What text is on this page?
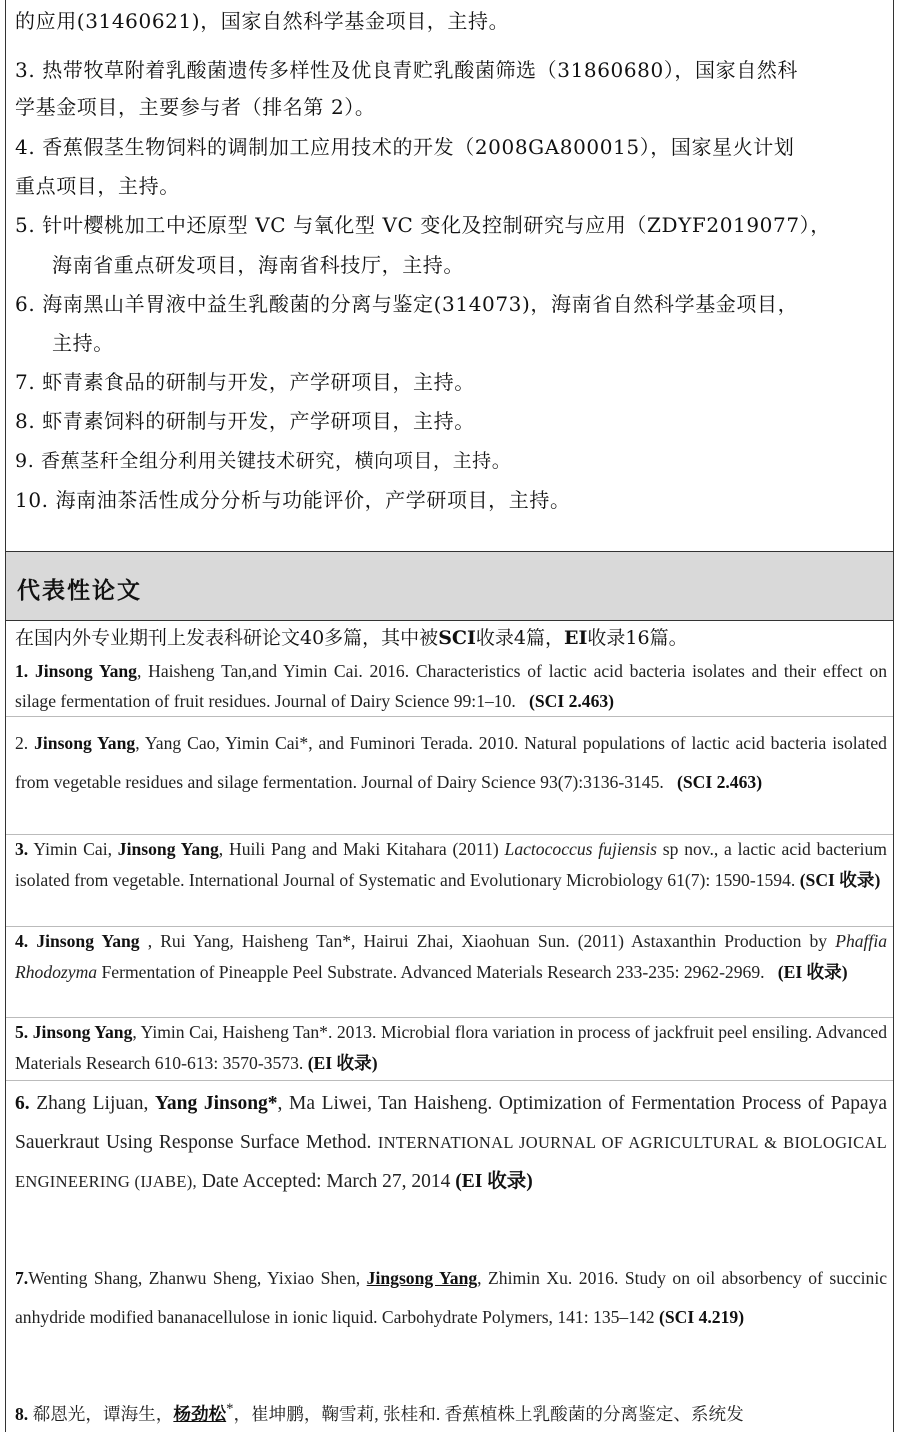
的应用(31460621)，国家自然科学基金项目，主持。
3. 热带牧草附着乳酸菌遗传多样性及优良青贮乳酸菌筛选（31860680），国家自然科
学基金项目，主要参与者（排名第 2）。
4. 香蕉假茎生物饲料的调制加工应用技术的开发（2008GA800015），国家星火计划
重点项目，主持。
5. 针叶樱桃加工中还原型 VC 与氧化型 VC 变化及控制研究与应用（ZDYF2019077），
海南省重点研发项目，海南省科技厅，主持。
6. 海南黑山羊胃液中益生乳酸菌的分离与鉴定(314073)，海南省自然科学基金项目，
主持。
7. 虾青素食品的研制与开发，产学研项目，主持。
8. 虾青素饲料的研制与开发，产学研项目，主持。
9. 香蕉茎秆全组分利用关键技术研究，横向项目，主持。
10. 海南油茶活性成分分析与功能评价，产学研项目，主持。
代表性论文
在国内外专业期刊上发表科研论文40多篇，其中被SCI收录4篇，EI收录16篇。
1. Jinsong Yang, Haisheng Tan,and Yimin Cai. 2016. Characteristics of lactic acid bacteria isolates and their effect on silage fermentation of fruit residues. Journal of Dairy Science 99:1–10. (SCI 2.463)
2. Jinsong Yang, Yang Cao, Yimin Cai*, and Fuminori Terada. 2010. Natural populations of lactic acid bacteria isolated from vegetable residues and silage fermentation. Journal of Dairy Science 93(7):3136-3145. (SCI 2.463)
3. Yimin Cai, Jinsong Yang, Huili Pang and Maki Kitahara (2011) Lactococcus fujiensis sp nov., a lactic acid bacterium isolated from vegetable. International Journal of Systematic and Evolutionary Microbiology 61(7): 1590-1594. (SCI 收录)
4. Jinsong Yang , Rui Yang, Haisheng Tan*, Hairui Zhai, Xiaohuan Sun. (2011) Astaxanthin Production by Phaffia Rhodozyma Fermentation of Pineapple Peel Substrate. Advanced Materials Research 233-235: 2962-2969. (EI 收录)
5. Jinsong Yang, Yimin Cai, Haisheng Tan*. 2013. Microbial flora variation in process of jackfruit peel ensiling. Advanced Materials Research 610-613: 3570-3573. (EI 收录)
6. Zhang Lijuan, Yang Jinsong*, Ma Liwei, Tan Haisheng. Optimization of Fermentation Process of Papaya Sauerkraut Using Response Surface Method. INTERNATIONAL JOURNAL OF AGRICULTURAL & BIOLOGICAL ENGINEERING (IJABE), Date Accepted: March 27, 2014 (EI 收录)
7.Wenting Shang, Zhanwu Sheng, Yixiao Shen, Jingsong Yang, Zhimin Xu. 2016. Study on oil absorbency of succinic anhydride modified bananacellulose in ionic liquid. Carbohydrate Polymers, 141: 135–142 (SCI 4.219)
8. 郗恩光，谭海生，杨劲松*，崔坤鹏，鞠雪莉, 张桂和. 香蕉植株上乳酸菌的分离鉴定、系统发
